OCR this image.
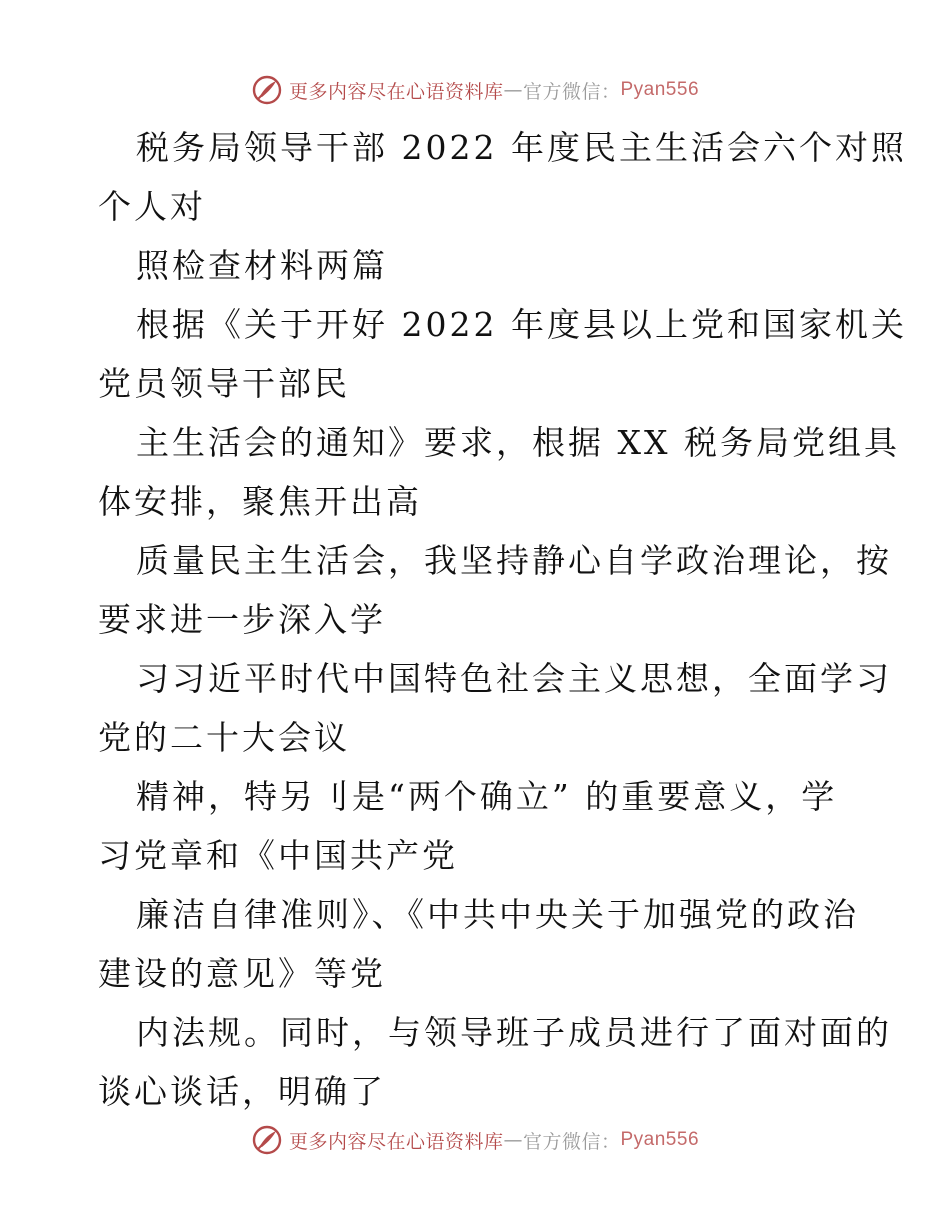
更多内容尽在心语资料库 — 官方微信： Pyan556
税务局领导干部 2022 年度民主生活会六个对照
个人对
照检查材料两篇
根据《关于开好 2022 年度县以上党和国家机关
党员领导干部民
主生活会的通知》要求，根据 XX 税务局党组具
体安排，聚焦开出高
质量民主生活会，我坚持静心自学政治理论，按
要求进一步深入学
习习近平时代中国特色社会主义思想，全面学习
党的二十大会议
精神，特另刂是“两个确立” 的重要意义，学
习党章和《中国共产党
廉洁自律准则》、《中共中央关于加强党的政治
建设的意见》等党
内法规。同时，与领导班子成员进行了面对面的
谈心谈话，明确了
更多内容尽在心语资料库 — 官方微信： Pyan556
